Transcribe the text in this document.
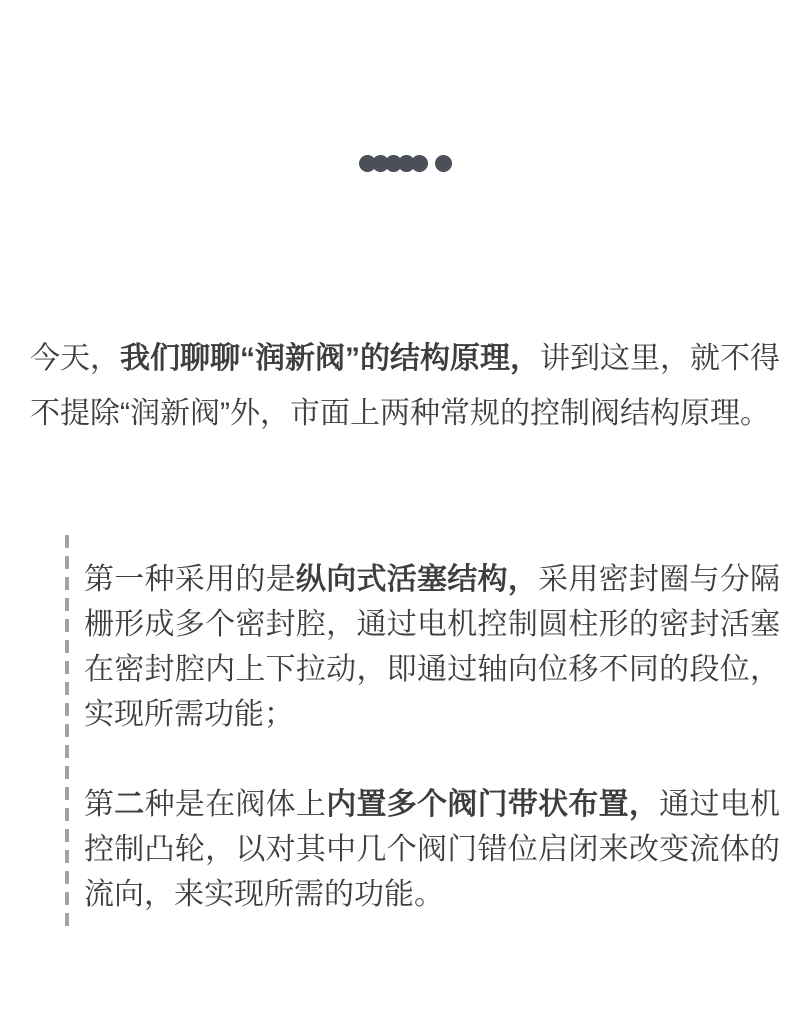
今天，我们聊聊“润新阀”的结构原理，讲到这里，就不得不提除“润新阀”外，市面上两种常规的控制阀结构原理。

第一种采用的是纵向式活塞结构，采用密封圈与分隔栅形成多个密封腔，通过电机控制圆柱形的密封活塞在密封腔内上下拉动，即通过轴向位移不同的段位，实现所需功能；

第二种是在阀体上内置多个阀门带状布置，通过电机控制凸轮，以对其中几个阀门错位启闭来改变流体的流向，来实现所需的功能。
